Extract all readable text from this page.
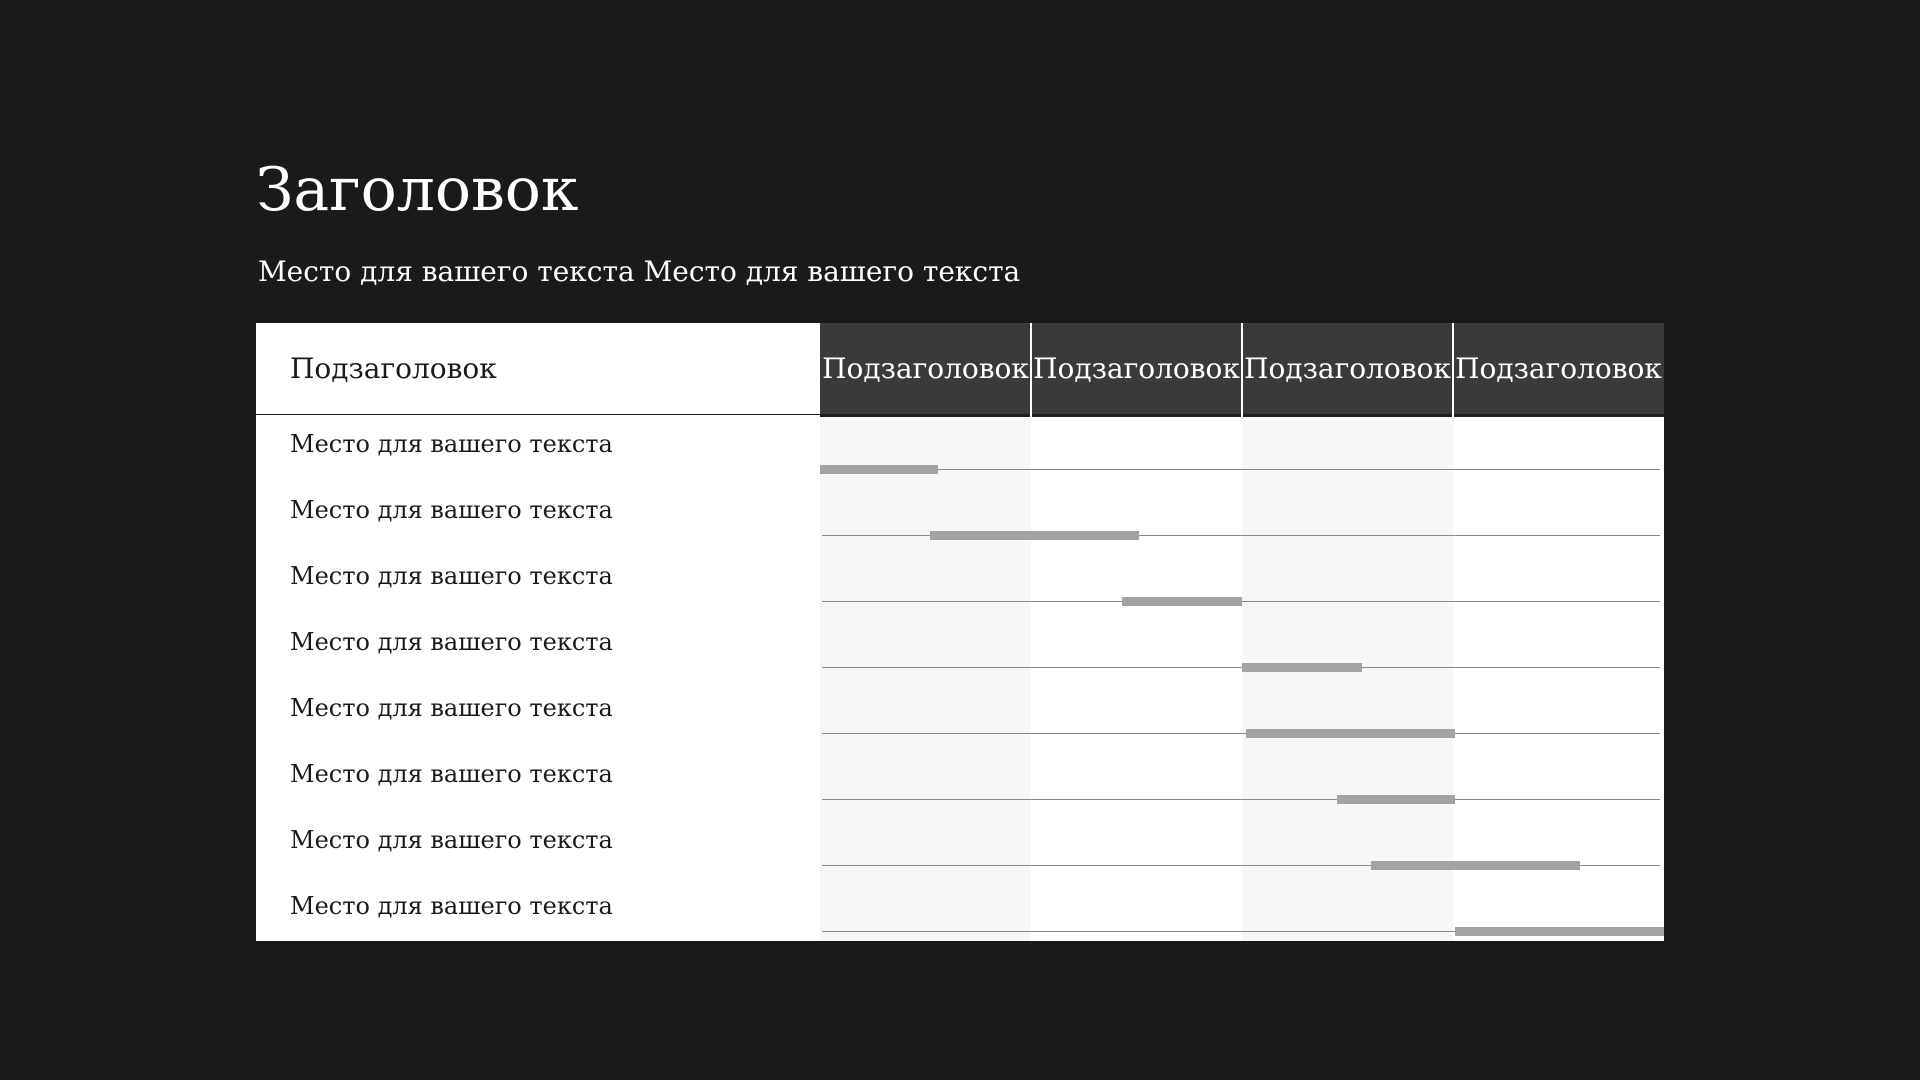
Заголовок

Место для вашего текста Место для вашего текста

Подзаголовок	Подзаголовок Подзаголовок Подзаголовок Подзаголовок
Место для вашего текста
Место для вашего текста
Место для вашего текста
Место для вашего текста
Место для вашего текста
Место для вашего текста
Место для вашего текста
Место для вашего текста
